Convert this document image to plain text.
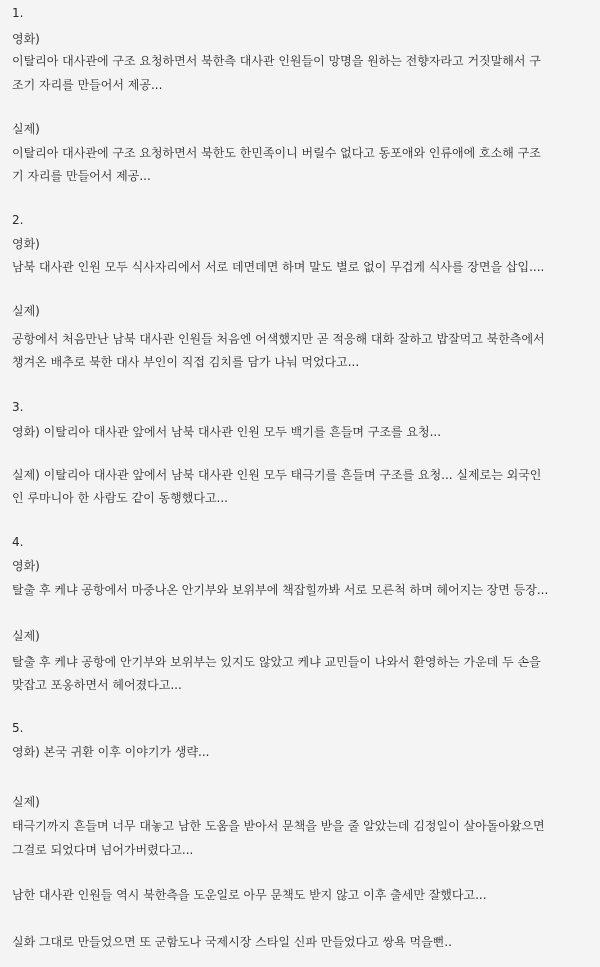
1.
영화)
이탈리아 대사관에 구조 요청하면서 북한측 대사관 인원들이 망명을 원하는 전향자라고 거짓말해서 구
조기 자리를 만들어서 제공...
실제)
이탈리아 대사관에 구조 요청하면서 북한도 한민족이니 버릴수 없다고 동포애와 인류애에 호소해 구조
기 자리를 만들어서 제공...
2.
영화)
남북 대사관 인원 모두 식사자리에서 서로 데면데면 하며 말도 별로 없이 무겁게 식사를 장면을 삽입....
실제)
공항에서 처음만난 남북 대사관 인원들 처음엔 어색했지만 곧 적응해 대화 잘하고 밥잘먹고 북한측에서
챙겨온 배추로 북한 대사 부인이 직접 김치를 담가 나눠 먹었다고...
3.
영화) 이탈리아 대사관 앞에서 남북 대사관 인원 모두 백기를 흔들며 구조를 요청...
실제) 이탈리아 대사관 앞에서 남북 대사관 인원 모두 태극기를 흔들며 구조를 요청... 실제로는 외국인
인 루마니아 한 사람도 같이 동행했다고...
4.
영화)
탈출 후 케냐 공항에서 마중나온 안기부와 보위부에 책잡힐까봐 서로 모른척 하며 헤어지는 장면 등장...
실제)
탈출 후 케냐 공항에 안기부와 보위부는 있지도 않았고 케냐 교민들이 나와서 환영하는 가운데 두 손을
맞잡고 포옹하면서 헤어졌다고...
5.
영화) 본국 귀환 이후 이야기가 생략...
실제)
태극기까지 흔들며 너무 대놓고 남한 도움을 받아서 문책을 받을 줄 알았는데 김정일이 살아돌아왔으면
그걸로 되었다며 넘어가버렸다고...
남한 대사관 인원들 역시 북한측을 도운일로 아무 문책도 받지 않고 이후 출세만 잘했다고...
실화 그대로 만들었으면 또 군함도나 국제시장 스타일 신파 만들었다고 쌍욕 먹을뻔..
